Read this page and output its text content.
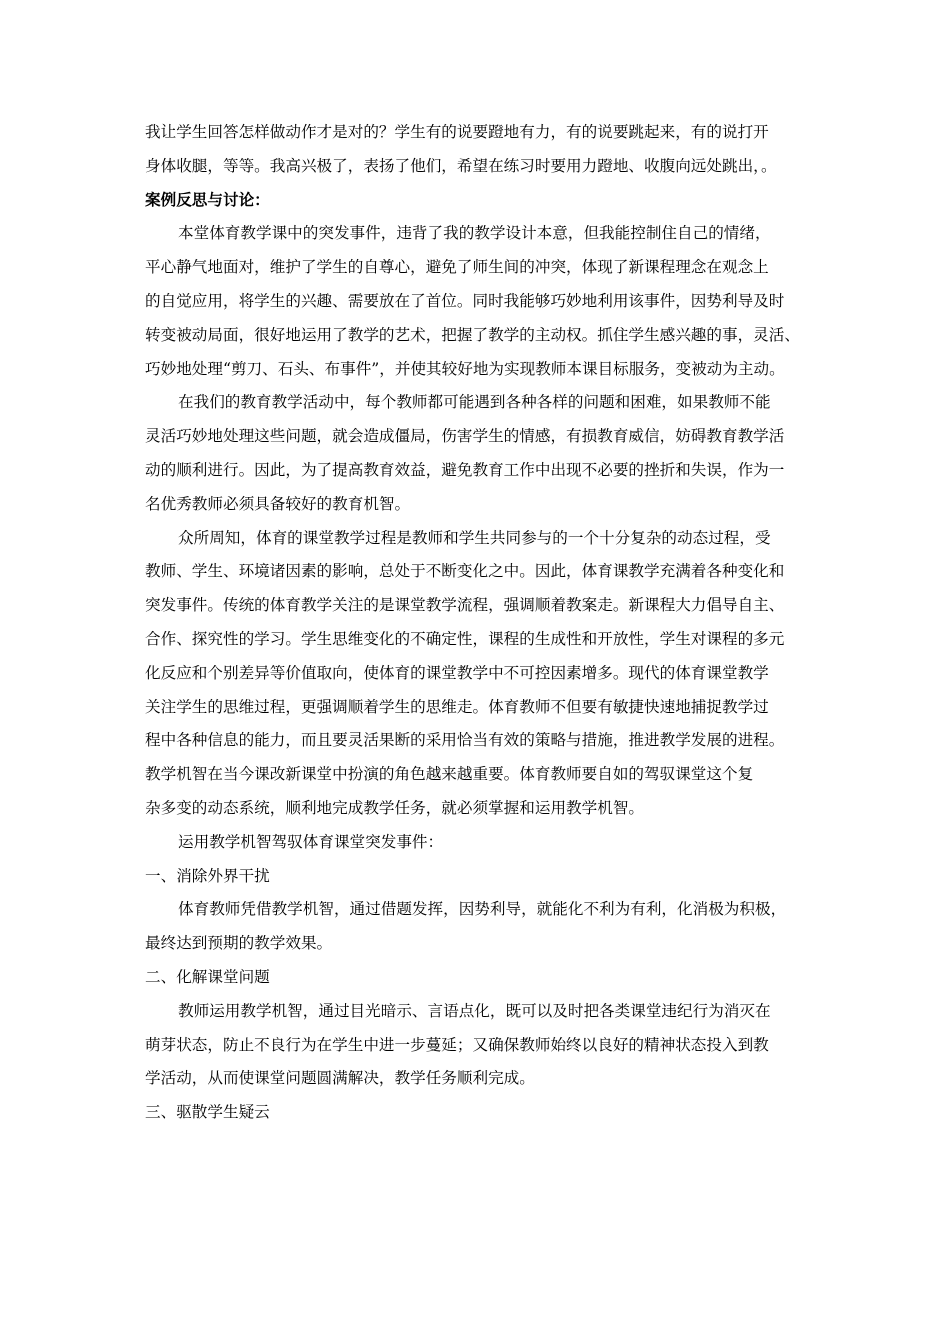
我让学生回答怎样做动作才是对的？学生有的说要蹬地有力，有的说要跳起来，有的说打开
身体收腿，等等。我高兴极了，表扬了他们，希望在练习时要用力蹬地、收腹向远处跳出，。
案例反思与讨论：
本堂体育教学课中的突发事件，违背了我的教学设计本意，但我能控制住自己的情绪，
平心静气地面对，维护了学生的自尊心，避免了师生间的冲突，体现了新课程理念在观念上
的自觉应用，将学生的兴趣、需要放在了首位。同时我能够巧妙地利用该事件，因势利导及时
转变被动局面，很好地运用了教学的艺术，把握了教学的主动权。抓住学生感兴趣的事，灵活、
巧妙地处理“剪刀、石头、布事件”，并使其较好地为实现教师本课目标服务，变被动为主动。
在我们的教育教学活动中，每个教师都可能遇到各种各样的问题和困难，如果教师不能
灵活巧妙地处理这些问题，就会造成僵局，伤害学生的情感，有损教育威信，妨碍教育教学活
动的顺利进行。因此，为了提高教育效益，避免教育工作中出现不必要的挫折和失误，作为一
名优秀教师必须具备较好的教育机智。
众所周知，体育的课堂教学过程是教师和学生共同参与的一个十分复杂的动态过程，受
教师、学生、环境诸因素的影响，总处于不断变化之中。因此，体育课教学充满着各种变化和
突发事件。传统的体育教学关注的是课堂教学流程，强调顺着教案走。新课程大力倡导自主、
合作、探究性的学习。学生思维变化的不确定性，课程的生成性和开放性，学生对课程的多元
化反应和个别差异等价值取向，使体育的课堂教学中不可控因素增多。现代的体育课堂教学
关注学生的思维过程，更强调顺着学生的思维走。体育教师不但要有敏捷快速地捕捉教学过
程中各种信息的能力，而且要灵活果断的采用恰当有效的策略与措施，推进教学发展的进程。
教学机智在当今课改新课堂中扮演的角色越来越重要。体育教师要自如的驾驭课堂这个复
杂多变的动态系统，顺利地完成教学任务，就必须掌握和运用教学机智。
运用教学机智驾驭体育课堂突发事件：
一、消除外界干扰
体育教师凭借教学机智，通过借题发挥，因势利导，就能化不利为有利，化消极为积极，
最终达到预期的教学效果。
二、化解课堂问题
教师运用教学机智，通过目光暗示、言语点化，既可以及时把各类课堂违纪行为消灭在
萌芽状态，防止不良行为在学生中进一步蔓延；又确保教师始终以良好的精神状态投入到教
学活动，从而使课堂问题圆满解决，教学任务顺利完成。
三、驱散学生疑云
